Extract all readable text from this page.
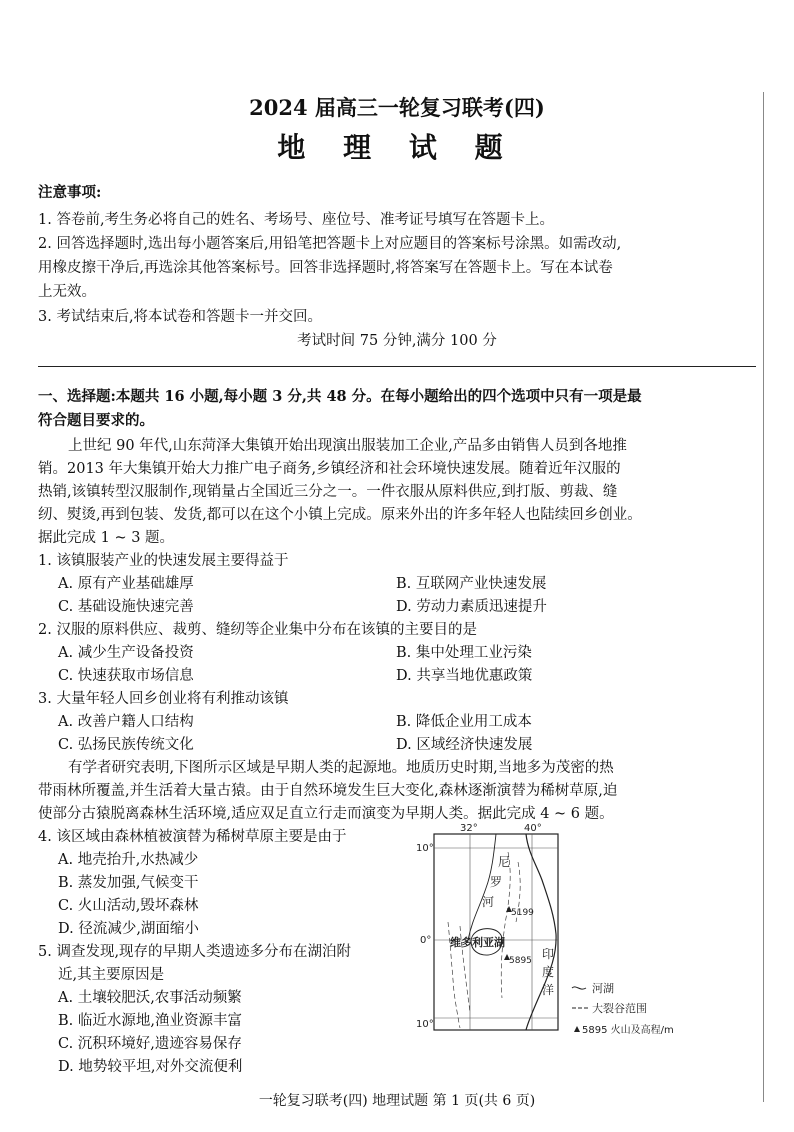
2024 届高三一轮复习联考(四)
地 理 试 题
注意事项:
1. 答卷前,考生务必将自己的姓名、考场号、座位号、准考证号填写在答题卡上。
2. 回答选择题时,选出每小题答案后,用铅笔把答题卡上对应题目的答案标号涂黑。如需改动,
用橡皮擦干净后,再选涂其他答案标号。回答非选择题时,将答案写在答题卡上。写在本试卷
上无效。
3. 考试结束后,将本试卷和答题卡一并交回。
考试时间 75 分钟,满分 100 分
一、选择题:本题共 16 小题,每小题 3 分,共 48 分。在每小题给出的四个选项中只有一项是最
符合题目要求的。
上世纪 90 年代,山东菏泽大集镇开始出现演出服装加工企业,产品多由销售人员到各地推
销。2013 年大集镇开始大力推广电子商务,乡镇经济和社会环境快速发展。随着近年汉服的
热销,该镇转型汉服制作,现销量占全国近三分之一。一件衣服从原料供应,到打版、剪裁、缝
纫、熨烫,再到包装、发货,都可以在这个小镇上完成。原来外出的许多年轻人也陆续回乡创业。
据此完成 1 ~ 3 题。
1. 该镇服装产业的快速发展主要得益于
A. 原有产业基础雄厚	B. 互联网产业快速发展
C. 基础设施快速完善	D. 劳动力素质迅速提升
2. 汉服的原料供应、裁剪、缝纫等企业集中分布在该镇的主要目的是
A. 减少生产设备投资	B. 集中处理工业污染
C. 快速获取市场信息	D. 共享当地优惠政策
3. 大量年轻人回乡创业将有利推动该镇
A. 改善户籍人口结构	B. 降低企业用工成本
C. 弘扬民族传统文化	D. 区域经济快速发展
有学者研究表明,下图所示区域是早期人类的起源地。地质历史时期,当地多为茂密的热
带雨林所覆盖,并生活着大量古猿。由于自然环境发生巨大变化,森林逐渐演替为稀树草原,迫
使部分古猿脱离森林生活环境,适应双足直立行走而演变为早期人类。据此完成 4 ~ 6 题。
4. 该区域由森林植被演替为稀树草原主要是由于
A. 地壳抬升,水热减少
B. 蒸发加强,气候变干
C. 火山活动,毁坏森林
D. 径流减少,湖面缩小
5. 调查发现,现存的早期人类遗迹多分布在湖泊附
近,其主要原因是
A. 土壤较肥沃,农事活动频繁
B. 临近水源地,渔业资源丰富
C. 沉积环境好,遗迹容易保存
D. 地势较平坦,对外交流便利
32°	40°
10°
0°
10°
尼
罗
河
维多利亚湖
印
度
洋
5199
5895
河湖
大裂谷范围
5895 火山及高程/m
一轮复习联考(四) 地理试题 第 1 页(共 6 页)
